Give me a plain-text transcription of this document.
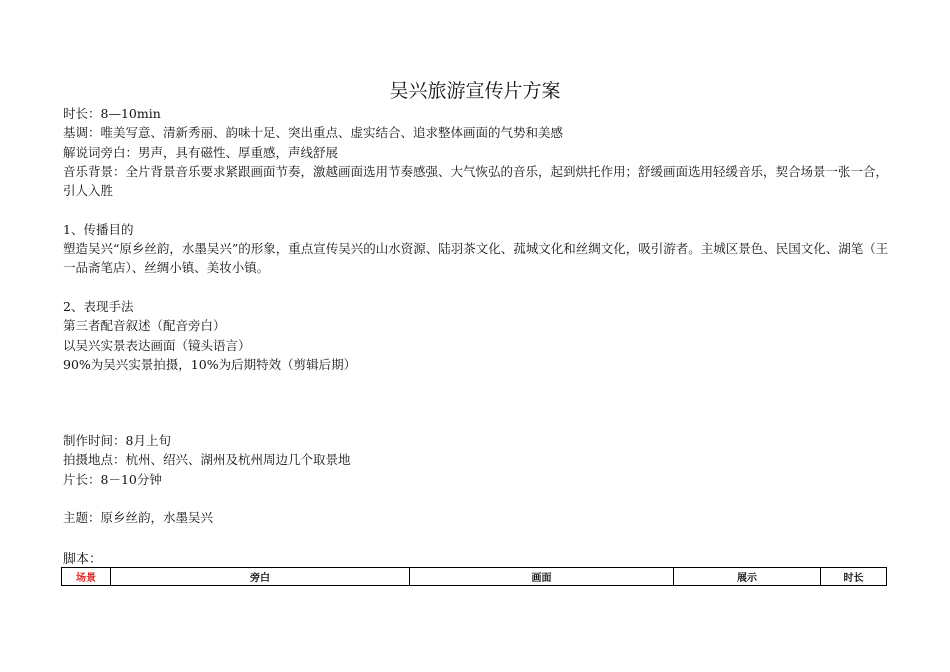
吴兴旅游宣传片方案
时长：8—10min
基调：唯美写意、清新秀丽、韵味十足、突出重点、虚实结合、追求整体画面的气势和美感
解说词旁白：男声，具有磁性、厚重感，声线舒展
音乐背景：全片背景音乐要求紧跟画面节奏，激越画面选用节奏感强、大气恢弘的音乐，起到烘托作用；舒缓画面选用轻缓音乐，契合场景一张一合，引人入胜
1、传播目的
塑造吴兴“原乡丝韵，水墨吴兴”的形象，重点宣传吴兴的山水资源、陆羽茶文化、菰城文化和丝绸文化，吸引游者。主城区景色、民国文化、湖笔（王一品斋笔店）、丝绸小镇、美妆小镇。
2、表现手法
第三者配音叙述（配音旁白）
以吴兴实景表达画面（镜头语言）
90%为吴兴实景拍摄，10%为后期特效（剪辑后期）
制作时间：8月上旬
拍摄地点：杭州、绍兴、湖州及杭州周边几个取景地
片长：8－10分钟
主题：原乡丝韵，水墨吴兴
脚本：
场景	旁白	画面	展示	时长
